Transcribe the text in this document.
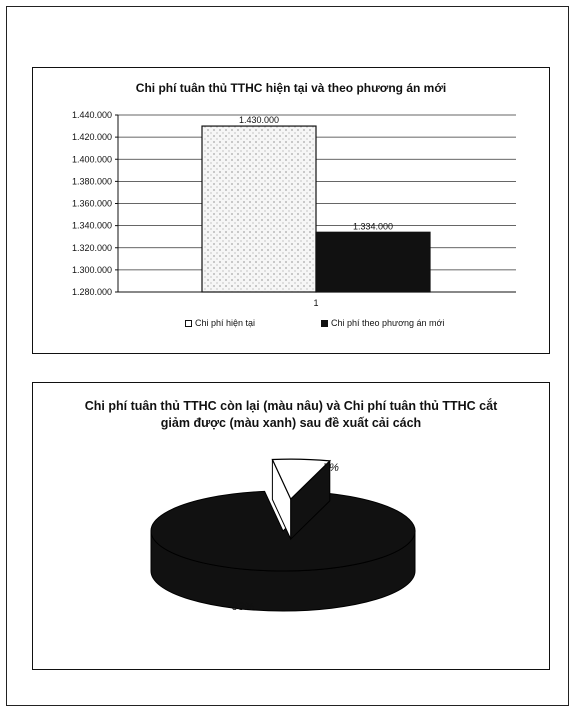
Chi phí tuân thủ TTHC hiện tại và theo phương án mới
1.280.000
1.300.000
1.320.000
1.340.000
1.360.000
1.380.000
1.400.000
1.420.000
1.440.000
1.430.000
1.334.000
1
Chi phí hiện tại	Chi phí theo phương án mới
Chi phí tuân thủ TTHC còn lại (màu nâu) và Chi phí tuân thủ TTHC cắt
giảm được (màu xanh) sau đề xuất cải cách
7%
93%
